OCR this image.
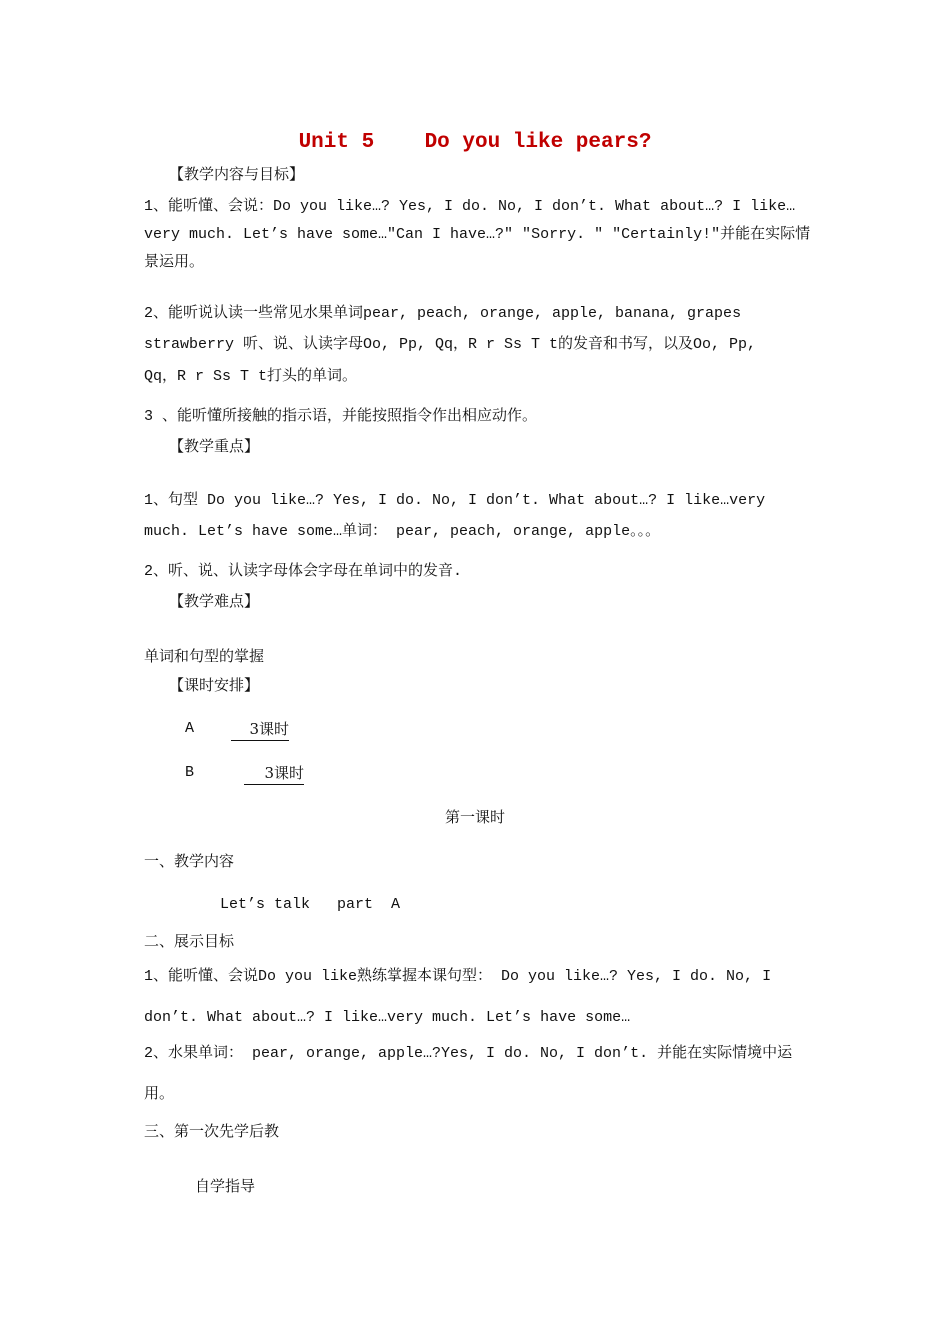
Unit 5    Do you like pears?
【教学内容与目标】
1、能听懂、会说：Do you like…? Yes, I do. No, I don’t. What about…? I like…
very much. Let’s have some…"Can I have…?" "Sorry. " "Certainly!"并能在实际情
景运用。
2、能听说认读一些常见水果单词pear, peach, orange, apple, banana, grapes
strawberry 听、说、认读字母Oo, Pp, Qq，R r Ss T t的发音和书写，以及Oo, Pp,
Qq，R r Ss T t打头的单词。
3 、能听懂所接触的指示语，并能按照指令作出相应动作。
【教学重点】
1、句型 Do you like…? Yes, I do. No, I don’t. What about…? I like…very
much. Let’s have some…单词： pear, peach, orange, apple。。。
2、听、说、认读字母体会字母在单词中的发音.
【教学难点】
单词和句型的掌握
【课时安排】
A	3课时
B	3课时
第一课时
一、教学内容
Let’s talk   part  A
二、展示目标
1、能听懂、会说Do you like熟练掌握本课句型： Do you like…? Yes, I do. No, I
don’t. What about…? I like…very much. Let’s have some…
2、水果单词： pear, orange, apple…?Yes, I do. No, I don’t. 并能在实际情境中运
用。
三、第一次先学后教
自学指导
